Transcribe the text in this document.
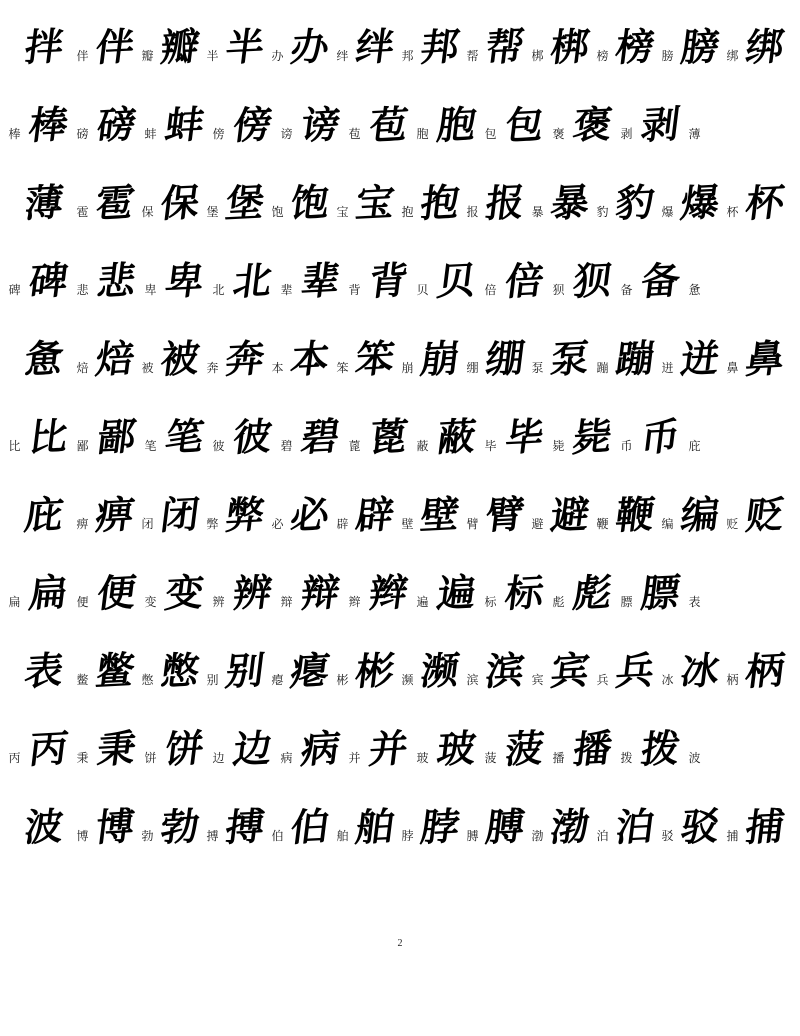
拌 伴 伴 瓣 瓣 半 半 办 办 绊 绊 邦 邦 帮 帮 梆 梆 榜 榜 膀 膀 绑 绑
棒 棒 磅 磅 蚌 蚌 傍 傍 谤 谤 苞 苞 胞 胞 包 包 褒 褒 剥 剥 薄
薄 雹 雹 保 保 堡 堡 饱 饱 宝 宝 抱 抱 报 报 暴 暴 豹 豹 爆 爆 杯 杯
碑 碑 悲 悲 卑 卑 北 北 辈 辈 背 背 贝 贝 倍 倍 狈 狈 备 备 惫
惫 焙 焙 被 被 奔 奔 本 本 笨 笨 崩 崩 绷 绷 泵 泵 蹦 蹦 迸 迸 鼻 鼻
比 比 鄙 鄙 笔 笔 彼 彼 碧 碧 蓖 蓖 蔽 蔽 毕 毕 毙 毙 币 币 庇
庇 痹 痹 闭 闭 弊 弊 必 必 辟 辟 壁 壁 臂 臂 避 避 鞭 鞭 编 编 贬 贬
扁 扁 便 便 变 变 辨 辨 辩 辩 辫 辫 遍 遍 标 标 彪 彪 膘 膘 表
表 鳖 鳖 憋 憋 别 别 瘪 瘪 彬 彬 濒 濒 滨 滨 宾 宾 兵 兵 冰 冰 柄 柄
丙 丙 秉 秉 饼 饼 边 边 病 病 并 并 玻 玻 菠 菠 播 播 拨 拨 波
波 博 博 勃 勃 搏 搏 伯 伯 舶 舶 脖 脖 膊 膊 渤 渤 泊 泊 驳 驳 捕 捕
2
